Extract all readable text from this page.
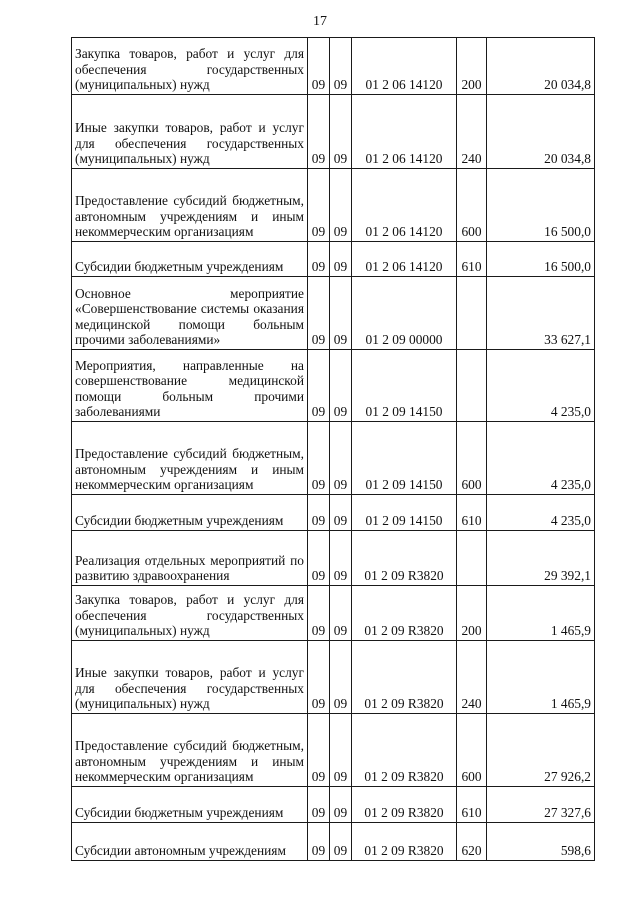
17
Закупка товаров, работ и услуг для обеспечения государственных (муниципальных) нужд	09	09	01 2 06 14120	200	20 034,8

Иные закупки товаров, работ и услуг для обеспечения государственных (муниципальных) нужд	09	09	01 2 06 14120	240	20 034,8

Предоставление субсидий бюджетным, автономным учреждениям и иным некоммерческим организациям	09	09	01 2 06 14120	600	16 500,0

Субсидии бюджетным учреждениям	09	09	01 2 06 14120	610	16 500,0

Основное мероприятие «Совершенствование системы оказания медицинской помощи больным прочими заболеваниями»	09	09	01 2 09 00000		33 627,1

Мероприятия, направленные на совершенствование медицинской помощи больным прочими заболеваниями	09	09	01 2 09 14150		4 235,0

Предоставление субсидий бюджетным, автономным учреждениям и иным некоммерческим организациям	09	09	01 2 09 14150	600	4 235,0

Субсидии бюджетным учреждениям	09	09	01 2 09 14150	610	4 235,0

Реализация отдельных мероприятий по развитию здравоохранения	09	09	01 2 09 R3820		29 392,1

Закупка товаров, работ и услуг для обеспечения государственных (муниципальных) нужд	09	09	01 2 09 R3820	200	1 465,9

Иные закупки товаров, работ и услуг для обеспечения государственных (муниципальных) нужд	09	09	01 2 09 R3820	240	1 465,9

Предоставление субсидий бюджетным, автономным учреждениям и иным некоммерческим организациям	09	09	01 2 09 R3820	600	27 926,2

Субсидии бюджетным учреждениям	09	09	01 2 09 R3820	610	27 327,6

Субсидии автономным учреждениям	09	09	01 2 09 R3820	620	598,6
